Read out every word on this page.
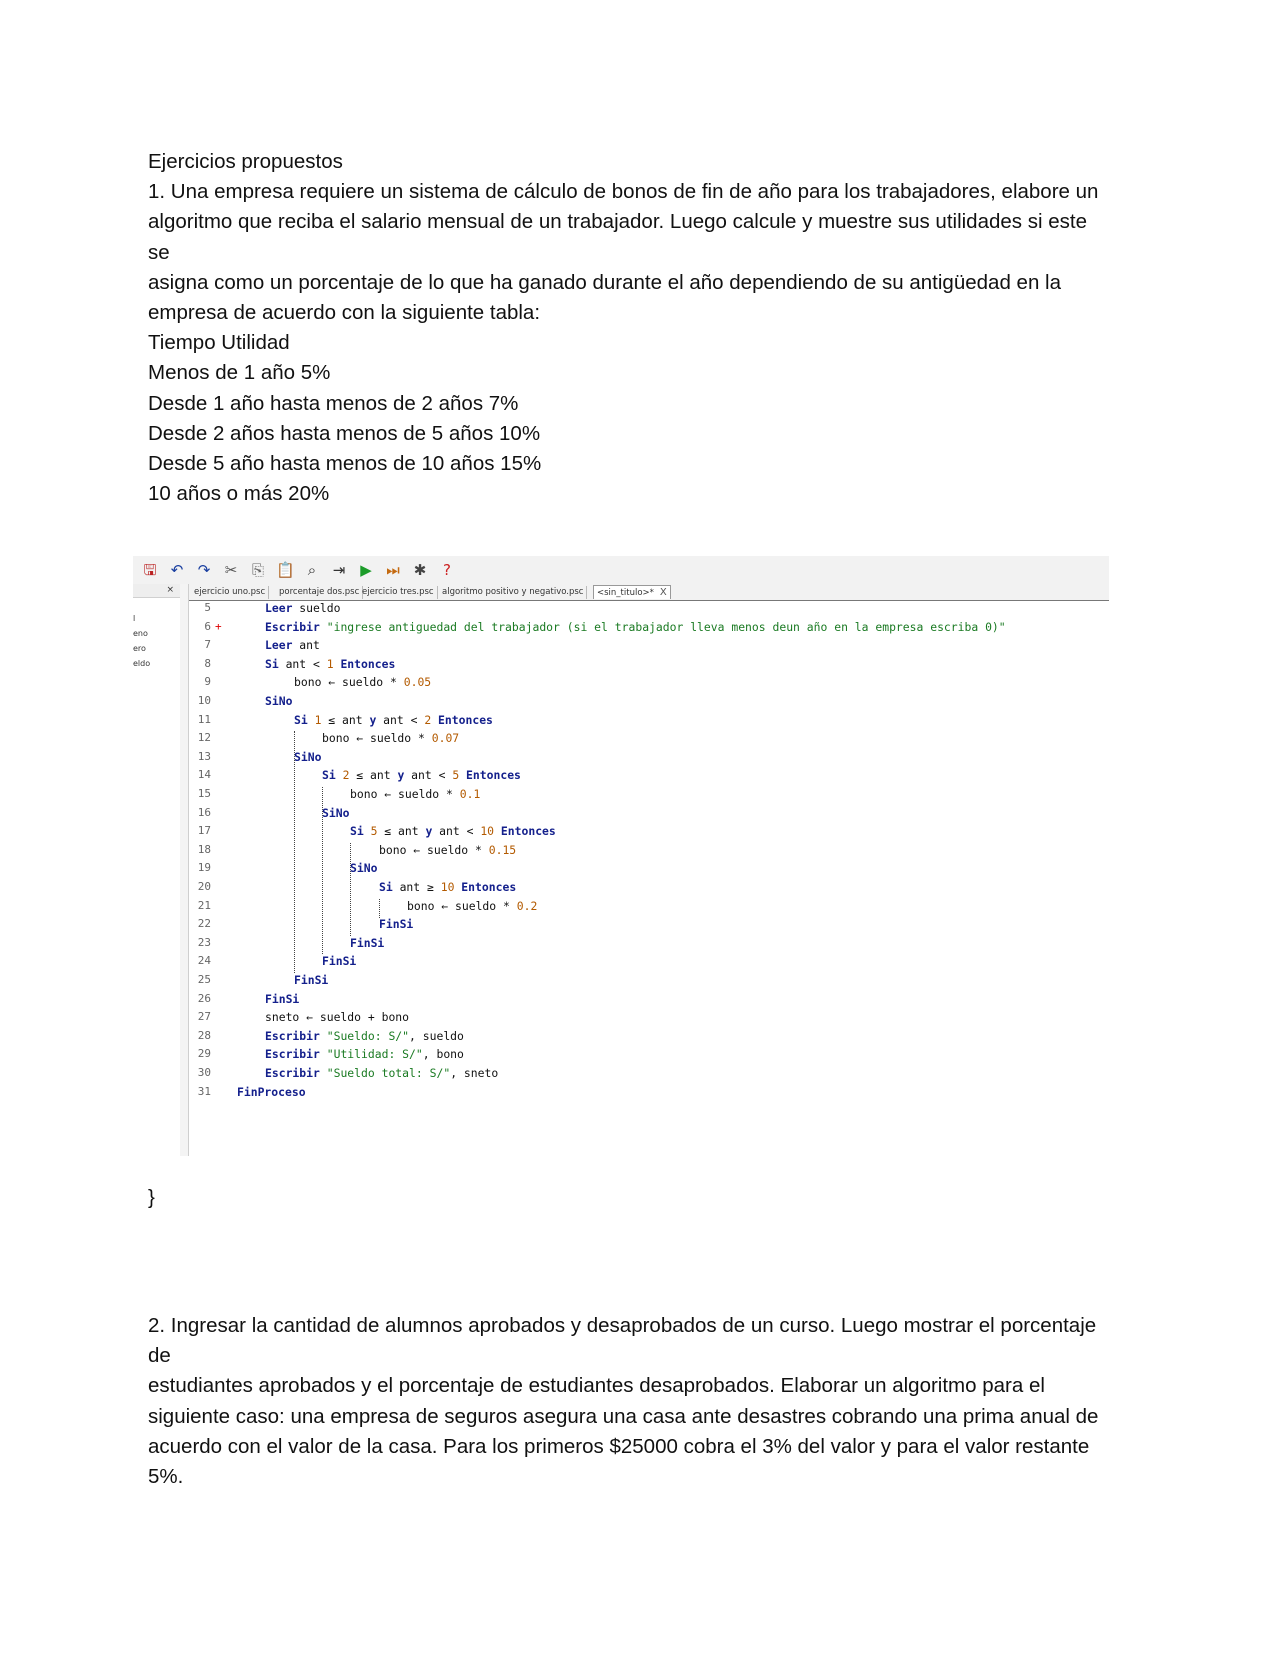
Ejercicios propuestos
1. Una empresa requiere un sistema de cálculo de bonos de fin de año para los trabajadores, elabore un
algoritmo que reciba el salario mensual de un trabajador. Luego calcule y muestre sus utilidades si este
se
asigna como un porcentaje de lo que ha ganado durante el año dependiendo de su antigüedad en la
empresa de acuerdo con la siguiente tabla:
Tiempo Utilidad
Menos de 1 año 5%
Desde 1 año hasta menos de 2 años 7%
Desde 2 años hasta menos de 5 años 10%
Desde 5 año hasta menos de 10 años 15%
10 años o más 20%
🖫 ↶ ↷ ✂ ⎘ 📋 ⌕	⇥ ▶ ⏭ ✱	?
×
l
eno
ero
eldo
ejercicio uno.psc	porcentaje dos.psc ejercicio tres.psc algoritmo positivo y negativo.psc	<sin_titulo>* X
5
6 +
7
8
9
10
11
12
13
14
15
16
17
18
19
20
21
22
23
24
25
26
27
28
29
30
31
Leer sueldo
Escribir "ingrese antiguedad del trabajador (si el trabajador lleva menos deun año en la empresa escriba 0)"
Leer ant
Si ant < 1 Entonces
bono ← sueldo * 0.05
SiNo
Si 1 ≤ ant y ant < 2 Entonces
bono ← sueldo * 0.07
SiNo
Si 2 ≤ ant y ant < 5 Entonces
bono ← sueldo * 0.1
SiNo
Si 5 ≤ ant y ant < 10 Entonces
bono ← sueldo * 0.15
SiNo
Si ant ≥ 10 Entonces
bono ← sueldo * 0.2
FinSi
FinSi
FinSi
FinSi
FinSi
sneto ← sueldo + bono
Escribir "Sueldo: S/", sueldo
Escribir "Utilidad: S/", bono
Escribir "Sueldo total: S/", sneto
FinProceso
}
2. Ingresar la cantidad de alumnos aprobados y desaprobados de un curso. Luego mostrar el porcentaje
de
estudiantes aprobados y el porcentaje de estudiantes desaprobados. Elaborar un algoritmo para el
siguiente caso: una empresa de seguros asegura una casa ante desastres cobrando una prima anual de
acuerdo con el valor de la casa. Para los primeros $25000 cobra el 3% del valor y para el valor restante
5%.
